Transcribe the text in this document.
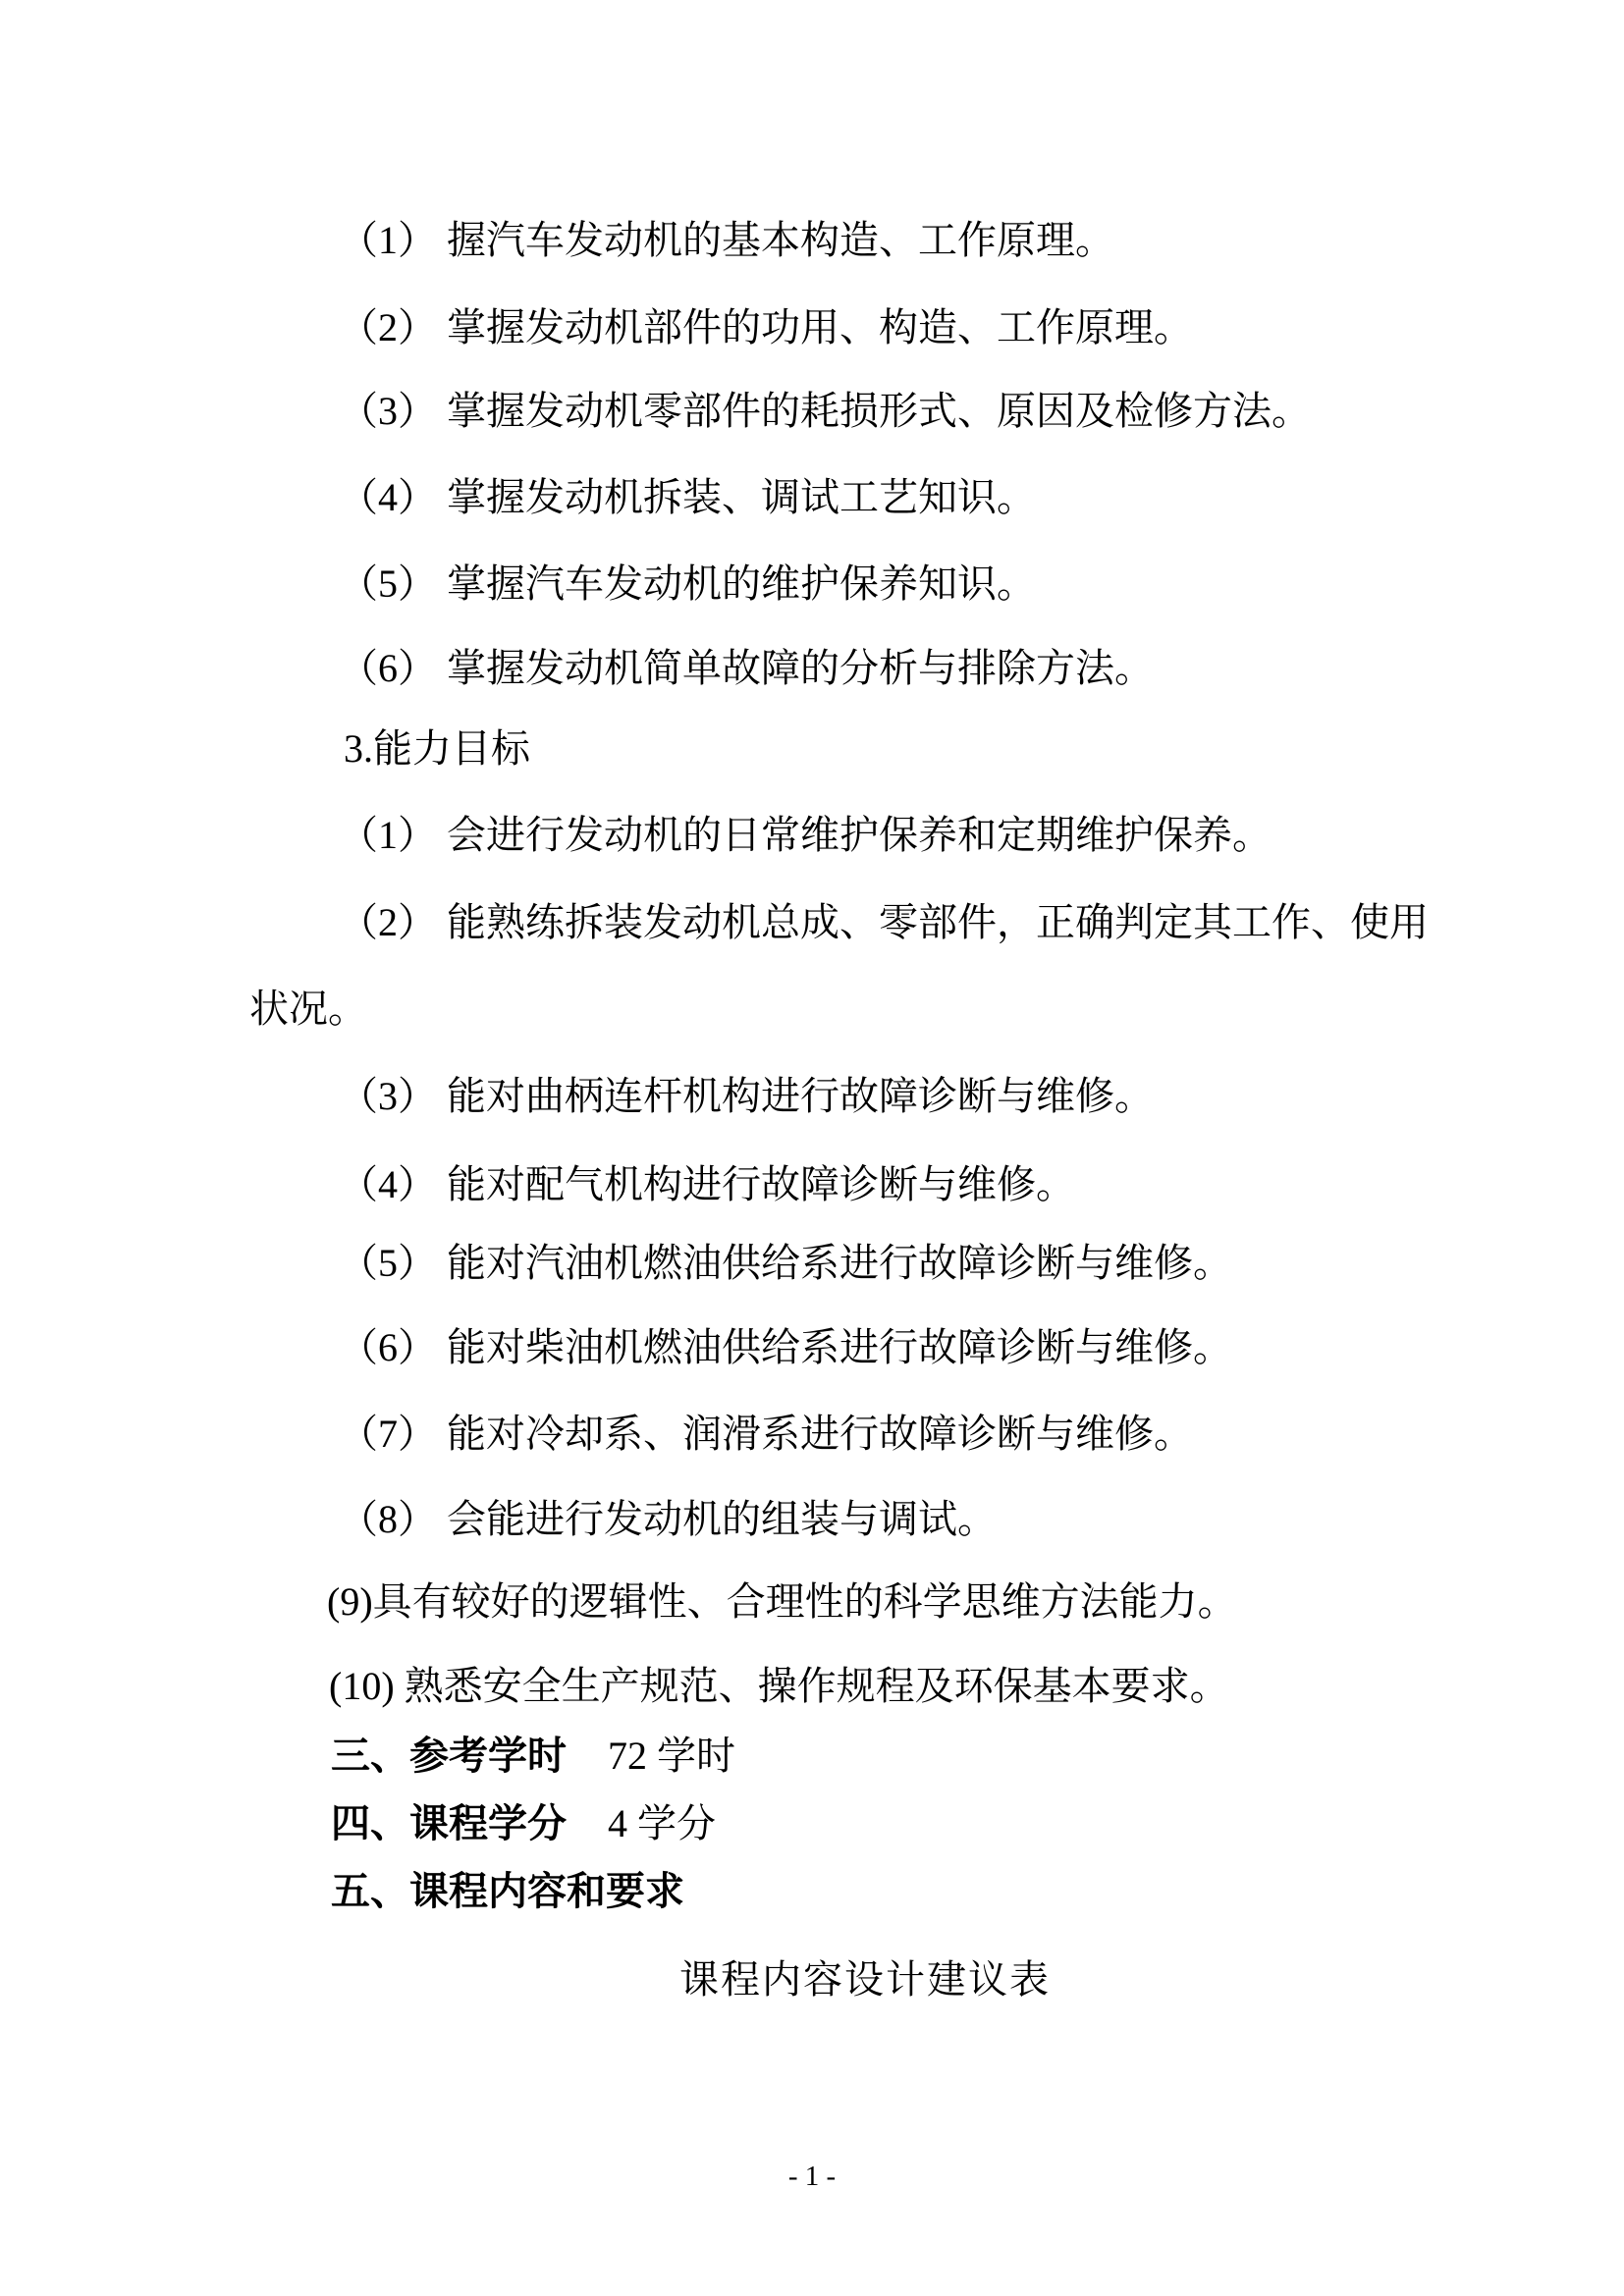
（1） 握汽车发动机的基本构造、工作原理。
（2） 掌握发动机部件的功用、构造、工作原理。
（3） 掌握发动机零部件的耗损形式、原因及检修方法。
（4） 掌握发动机拆装、调试工艺知识。
（5） 掌握汽车发动机的维护保养知识。
（6） 掌握发动机简单故障的分析与排除方法。
3.能力目标
（1） 会进行发动机的日常维护保养和定期维护保养。
（2） 能熟练拆装发动机总成、零部件，正确判定其工作、使用
状况。
（3） 能对曲柄连杆机构进行故障诊断与维修。
（4） 能对配气机构进行故障诊断与维修。
（5） 能对汽油机燃油供给系进行故障诊断与维修。
（6） 能对柴油机燃油供给系进行故障诊断与维修。
（7） 能对冷却系、润滑系进行故障诊断与维修。
（8） 会能进行发动机的组装与调试。
(9)具有较好的逻辑性、合理性的科学思维方法能力。
(10) 熟悉安全生产规范、操作规程及环保基本要求。
三、参考学时 72 学时
四、课程学分 4 学分
五、课程内容和要求
课程内容设计建议表
- 1 -
